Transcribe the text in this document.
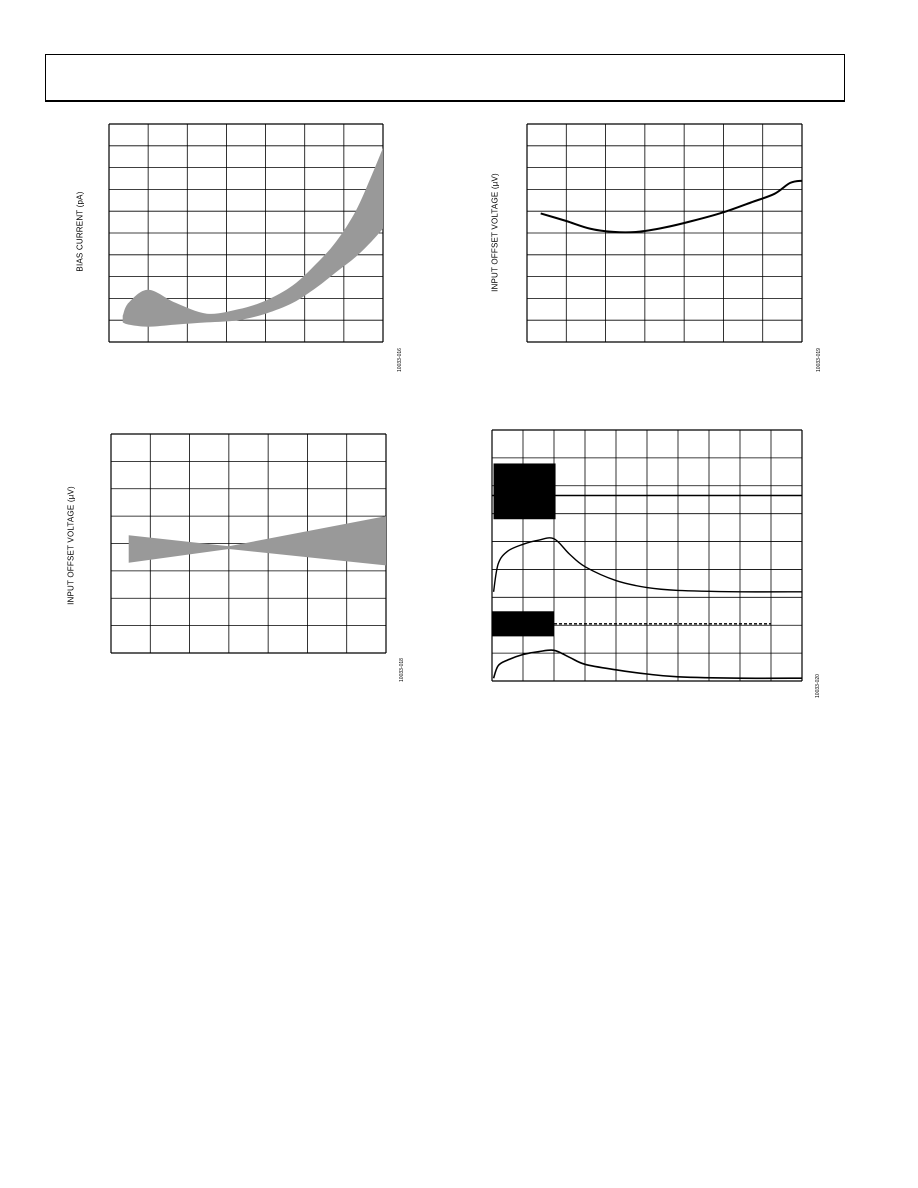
BIAS CURRENT (pA)
10033-016
INPUT OFFSET VOLTAGE (µV)
10033-019
INPUT OFFSET VOLTAGE (µV)
10033-018
10033-020
